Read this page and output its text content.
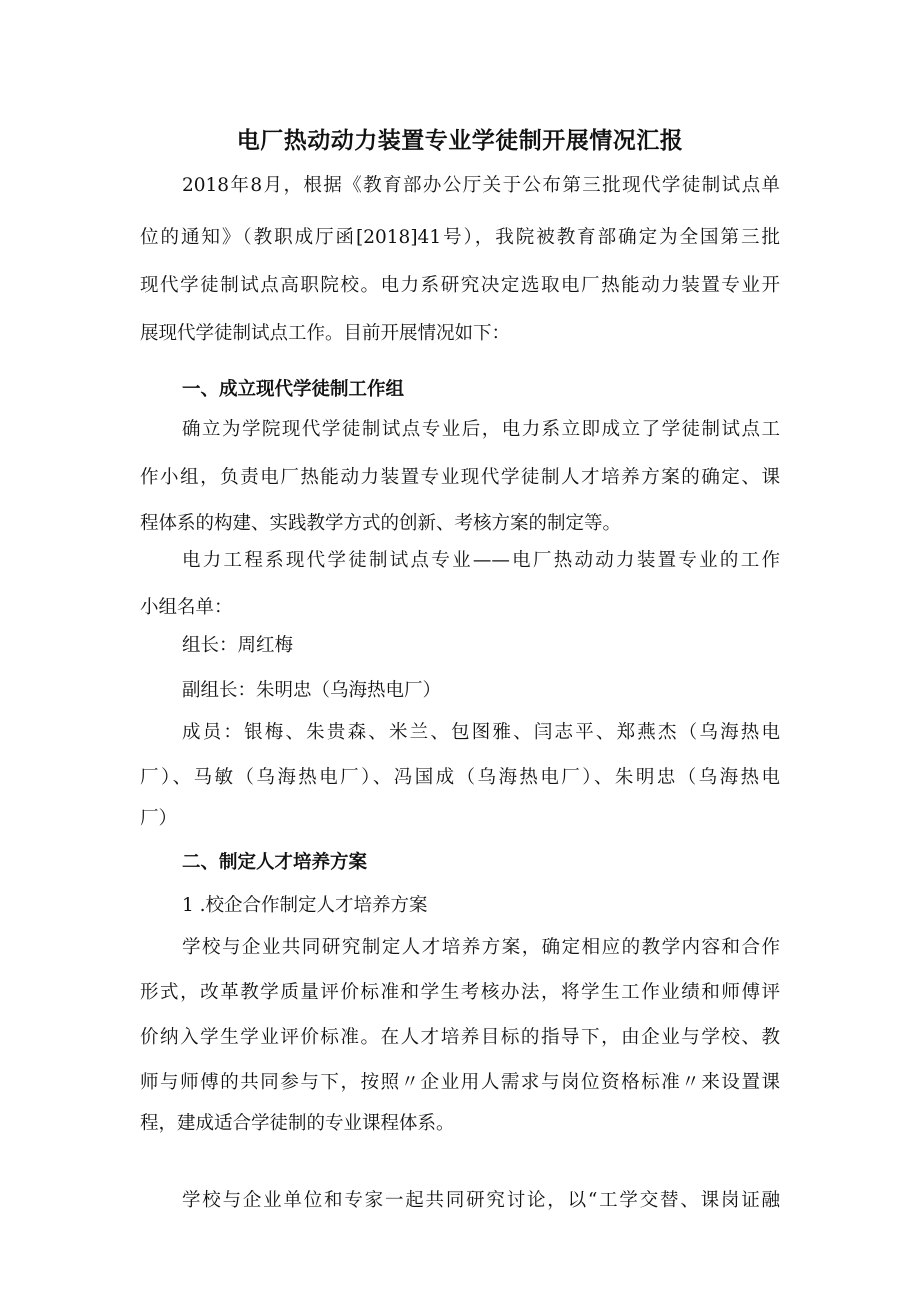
电厂热动动力装置专业学徒制开展情况汇报
2018年8月，根据《教育部办公厅关于公布第三批现代学徒制试点单
位的通知》（教职成厅函[2018]41号），我院被教育部确定为全国第三批
现代学徒制试点高职院校。电力系研究决定选取电厂热能动力装置专业开
展现代学徒制试点工作。目前开展情况如下：
一、成立现代学徒制工作组
确立为学院现代学徒制试点专业后，电力系立即成立了学徒制试点工
作小组，负责电厂热能动力装置专业现代学徒制人才培养方案的确定、课
程体系的构建、实践教学方式的创新、考核方案的制定等。
电力工程系现代学徒制试点专业——电厂热动动力装置专业的工作
小组名单：
组长：周红梅
副组长：朱明忠（乌海热电厂）
成员：银梅、朱贵森、米兰、包图雅、闫志平、郑燕杰（乌海热电
厂）、马敏（乌海热电厂）、冯国成（乌海热电厂）、朱明忠（乌海热电
厂）
二、制定人才培养方案
1 .校企合作制定人才培养方案
学校与企业共同研究制定人才培养方案，确定相应的教学内容和合作
形式，改革教学质量评价标准和学生考核办法，将学生工作业绩和师傅评
价纳入学生学业评价标准。在人才培养目标的指导下，由企业与学校、教
师与师傅的共同参与下，按照〃企业用人需求与岗位资格标准〃来设置课
程，建成适合学徒制的专业课程体系。
学校与企业单位和专家一起共同研究讨论，以“工学交替、课岗证融
